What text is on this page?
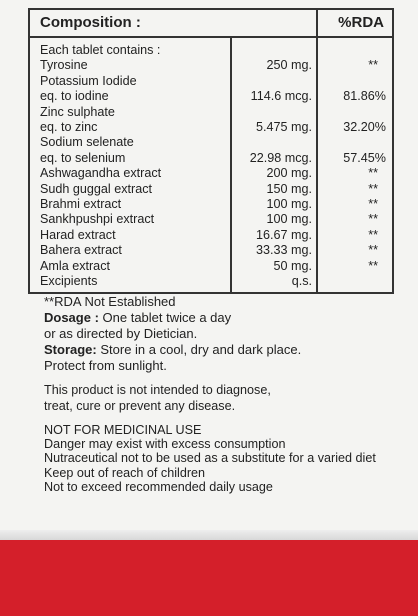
Composition :		%RDA
Each tablet contains :		
Tyrosine	250 mg.	**
Potassium Iodide		
eq. to iodine	114.6 mcg.	81.86%
Zinc sulphate		
eq. to zinc	5.475 mg.	32.20%
Sodium selenate		
eq. to selenium	22.98 mcg.	57.45%
Ashwagandha extract	200 mg.	**
Sudh guggal extract	150 mg.	**
Brahmi extract	100 mg.	**
Sankhpushpi extract	100 mg.	**
Harad extract	16.67 mg.	**
Bahera extract	33.33 mg.	**
Amla extract	50 mg.	**
Excipients	q.s.	

**RDA Not Established

Dosage : One tablet twice a day

or as directed by Dietician.

Storage: Store in a cool, dry and dark place.

Protect from sunlight.

This product is not intended to diagnose,

treat, cure or prevent any disease.

NOT FOR MEDICINAL USE

Danger may exist with excess consumption

Nutraceutical not to be used as a substitute for a varied diet

Keep out of reach of children

Not to exceed recommended daily usage
